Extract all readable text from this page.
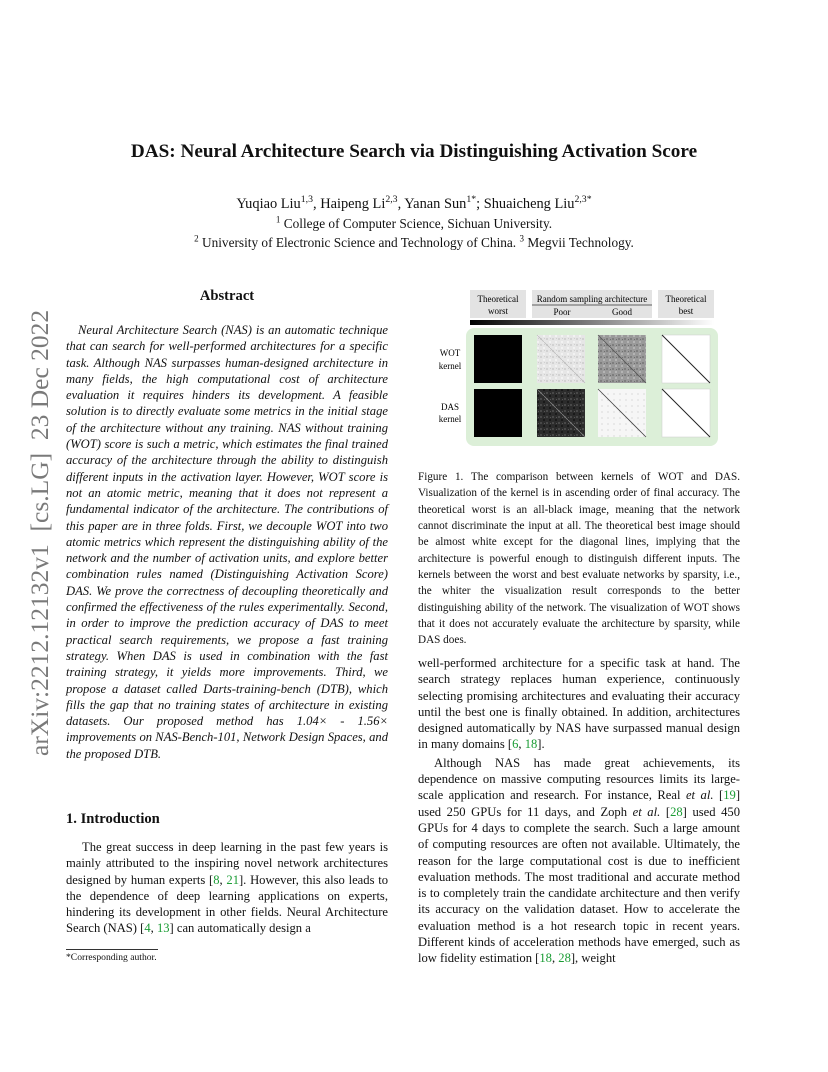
DAS: Neural Architecture Search via Distinguishing Activation Score
Yuqiao Liu$^{1,3}$, Haipeng Li$^{2,3}$, Yanan Sun$^{1*}$; Shuaicheng Liu$^{2,3*}$
$^1$ College of Computer Science, Sichuan University.
$^2$ University of Electronic Science and Technology of China. $^3$ Megvii Technology.
arXiv:2212.12132v1  [cs.LG]  23 Dec 2022
Abstract

Neural Architecture Search (NAS) is an automatic technique that can search for well-performed architectures for a specific task. Although NAS surpasses human-designed architecture in many fields, the high computational cost of architecture evaluation it requires hinders its development. A feasible solution is to directly evaluate some metrics in the initial stage of the architecture without any training. NAS without training (WOT) score is such a metric, which estimates the final trained accuracy of the architecture through the ability to distinguish different inputs in the activation layer. However, WOT score is not an atomic metric, meaning that it does not represent a fundamental indicator of the architecture. The contributions of this paper are in three folds. First, we decouple WOT into two atomic metrics which represent the distinguishing ability of the network and the number of activation units, and explore better combination rules named (Distinguishing Activation Score) DAS. We prove the correctness of decoupling theoretically and confirmed the effectiveness of the rules experimentally. Second, in order to improve the prediction accuracy of DAS to meet practical search requirements, we propose a fast training strategy. When DAS is used in combination with the fast training strategy, it yields more improvements. Third, we propose a dataset called Darts-training-bench (DTB), which fills the gap that no training states of architecture in existing datasets. Our proposed method has 1.04× - 1.56× improvements on NAS-Bench-101, Network Design Spaces, and the proposed DTB.

1. Introduction

The great success in deep learning in the past few years is mainly attributed to the inspiring novel network architectures designed by human experts [8, 21]. However, this also leads to the dependence of deep learning applications on experts, hindering its development in other fields. Neural Architecture Search (NAS) [4, 13] can automatically design a

*Corresponding author.
Theoretical
worst
Random sampling architecture
Poor	Good
Theoretical
best
WOT
kernel
DAS
kernel

Figure 1. The comparison between kernels of WOT and DAS. Visualization of the kernel is in ascending order of final accuracy. The theoretical worst is an all-black image, meaning that the network cannot discriminate the input at all. The theoretical best image should be almost white except for the diagonal lines, implying that the architecture is powerful enough to distinguish different inputs. The kernels between the worst and best evaluate networks by sparsity, i.e., the whiter the visualization result corresponds to the better distinguishing ability of the network. The visualization of WOT shows that it does not accurately evaluate the architecture by sparsity, while DAS does.

well-performed architecture for a specific task at hand. The search strategy replaces human experience, continuously selecting promising architectures and evaluating their accuracy until the best one is finally obtained. In addition, architectures designed automatically by NAS have surpassed manual design in many domains [6, 18].

Although NAS has made great achievements, its dependence on massive computing resources limits its large-scale application and research. For instance, Real et al. [19] used 250 GPUs for 11 days, and Zoph et al. [28] used 450 GPUs for 4 days to complete the search. Such a large amount of computing resources are often not available. Ultimately, the reason for the large computational cost is due to inefficient evaluation methods. The most traditional and accurate method is to completely train the candidate architecture and then verify its accuracy on the validation dataset. How to accelerate the evaluation method is a hot research topic in recent years. Different kinds of acceleration methods have emerged, such as low fidelity estimation [18, 28], weight
